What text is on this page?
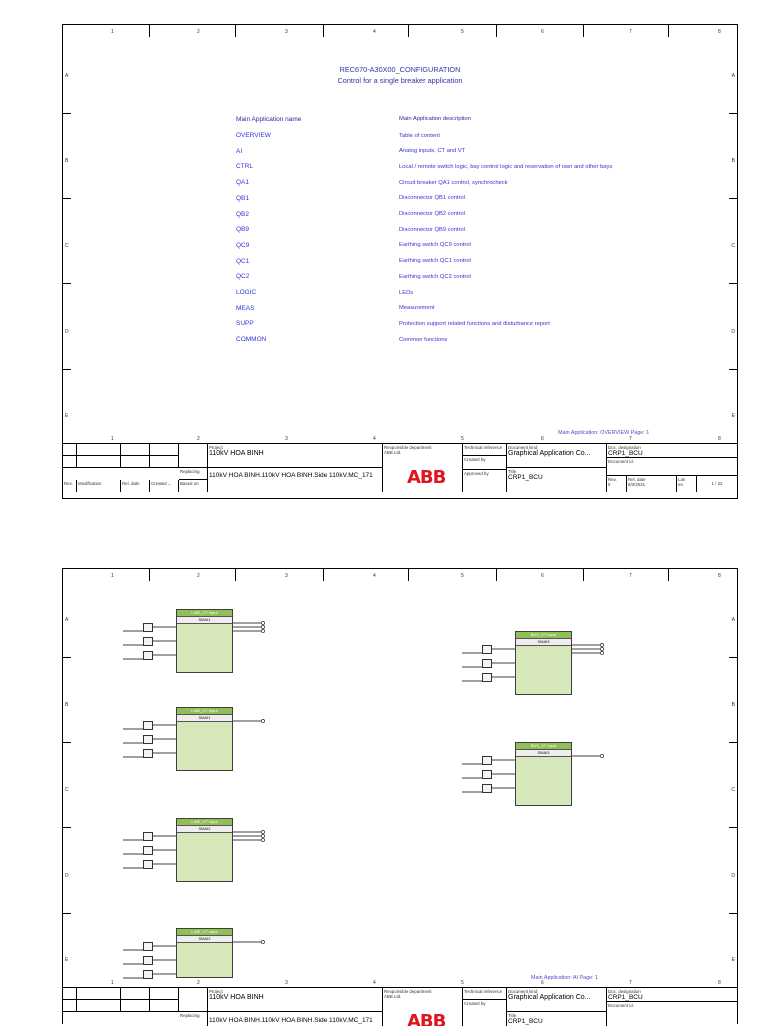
REC670-A30X00_CONFIGURATION
Control for a single breaker application
Main Application name	Main Application description
OVERVIEW	Table of content
AI	Analog inputs, CT and VT
CTRL	Local / remote switch logic, bay control logic and reservation of own and other bays
QA1	Circuit breaker QA1 control, synchrocheck
QB1	Disconnector QB1 control
QB2	Disconnector QB2 control
QB9	Disconnector QB9 control
QC9	Earthing switch QC9 control
QC1	Earthing switch QC1 control
QC2	Earthing switch QC2 control
LOGIC	LEDs
MEAS	Measurement
SUPP	Protection support related functions and disturbance report
COMMON	Common functions
Main Application: OVERVIEW Page: 1
Replacing
Rev.	Modification	Rel. date	Created ...	Based on
Project
110kV HOA BINH
110kV HOA BINH.110kV HOA BINH.Side 110kV.MC_171
Responsible department
ABB Ltd.
ABB
Technical reference
Created by
Approved by
Document kind
Graphical Application Co...
Title
CRP1_BCU
Doc. designation
CRP1_BCU
Document id.
Rev.
0
Rel. date
8/3/2021
Lan
en	1 / 22
1	2	3	4	5	6	7	8
A	A
B	B
C	C
D	D
E	E
1	2	3	4	5	6	7	8
LINE_CT Input
SMAI1
LINE_CT Input
SMAI1
LINE_VT Input
SMAI2
LINE_VT Input
SMAI2
BUS_VT Input
SMAI3
BUS_VT Input
SMAI3
Main Application: AI Page: 1
Replacing
Project
110kV HOA BINH
110kV HOA BINH.110kV HOA BINH.Side 110kV.MC_171
Responsible department
ABB Ltd.
ABB
Technical reference
Created by
Document kind
Graphical Application Co...
Title
CRP1_BCU
Doc. designation
CRP1_BCU
Document id.
1	2	3	4	5	6	7	8
A	A
B	B
C	C
D	D
E	E
1	2	3	4	5	6	7	8
